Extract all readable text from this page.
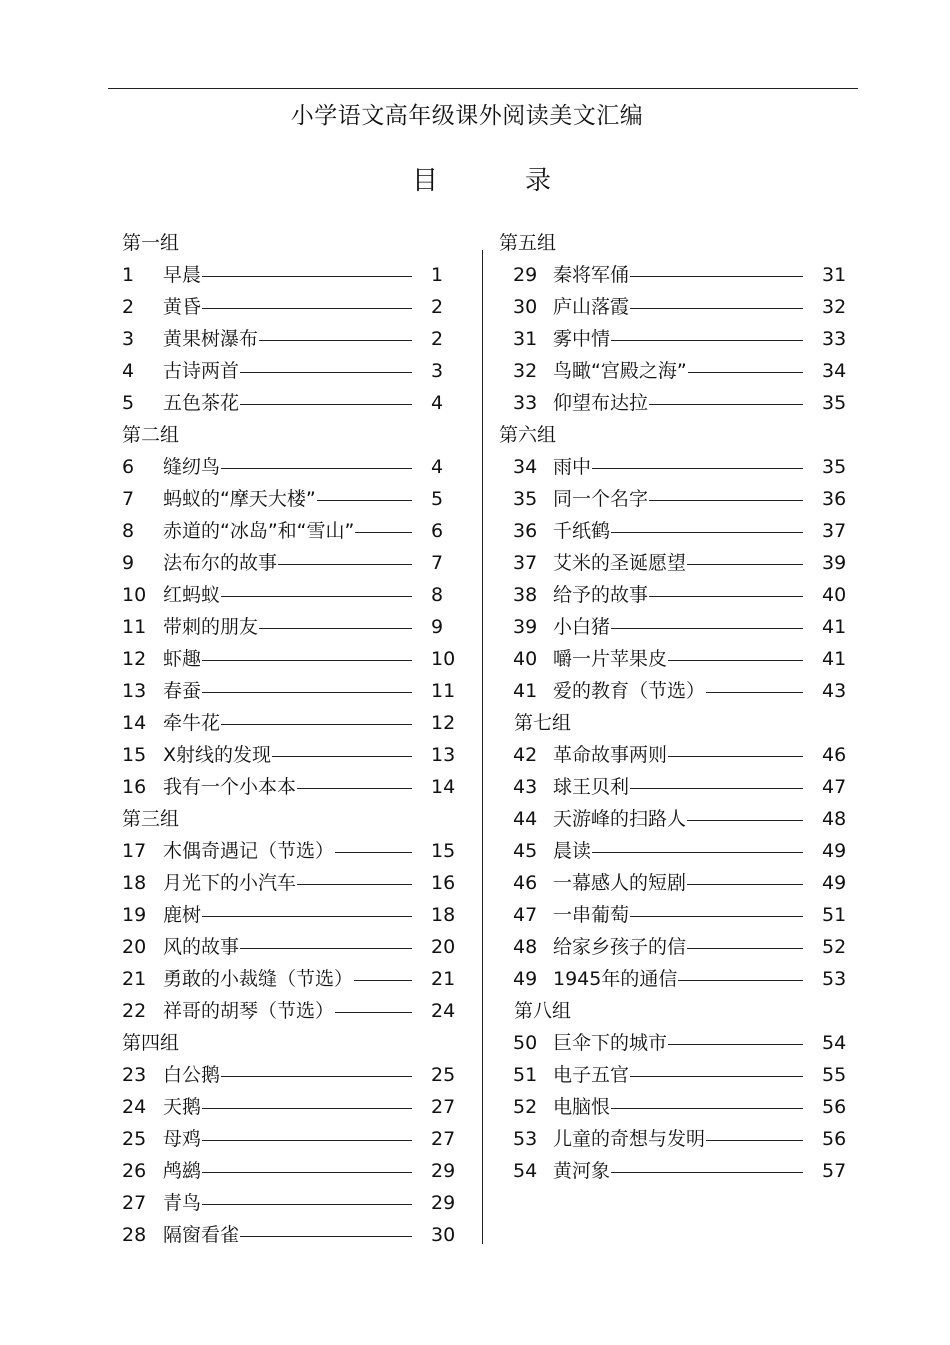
小学语文高年级课外阅读美文汇编
目	录
第一组
1 早晨	1
2 黄昏	2
3 黄果树瀑布	2
4 古诗两首	3
5 五色茶花	4
第二组
6 缝纫鸟	4
7 蚂蚁的“摩天大楼”	5
8 赤道的“冰岛”和“雪山”	6
9 法布尔的故事	7
10 红蚂蚁	8
11 带刺的朋友	9
12 虾趣	10
13 春蚕	11
14 牵牛花	12
15 X射线的发现	13
16 我有一个小本本	14
第三组
17 木偶奇遇记（节选）	15
18 月光下的小汽车	16
19 鹿树	18
20 风的故事	20
21 勇敢的小裁缝（节选）	21
22 祥哥的胡琴（节选）	24
第四组
23 白公鹅	25
24 天鹅	27
25 母鸡	27
26 鸬鹚	29
27 青鸟	29
28 隔窗看雀	30
第五组
29 秦将军俑	31
30 庐山落霞	32
31 雾中情	33
32 鸟瞰“宫殿之海”	34
33 仰望布达拉	35
第六组
34 雨中	35
35 同一个名字	36
36 千纸鹤	37
37 艾米的圣诞愿望	39
38 给予的故事	40
39 小白猪	41
40 嚼一片苹果皮	41
41 爱的教育（节选）	43
第七组
42 革命故事两则	46
43 球王贝利	47
44 天游峰的扫路人	48
45 晨读	49
46 一幕感人的短剧	49
47 一串葡萄	51
48 给家乡孩子的信	52
49 1945年的通信	53
第八组
50 巨伞下的城市	54
51 电子五官	55
52 电脑恨	56
53 儿童的奇想与发明	56
54 黄河象	57
